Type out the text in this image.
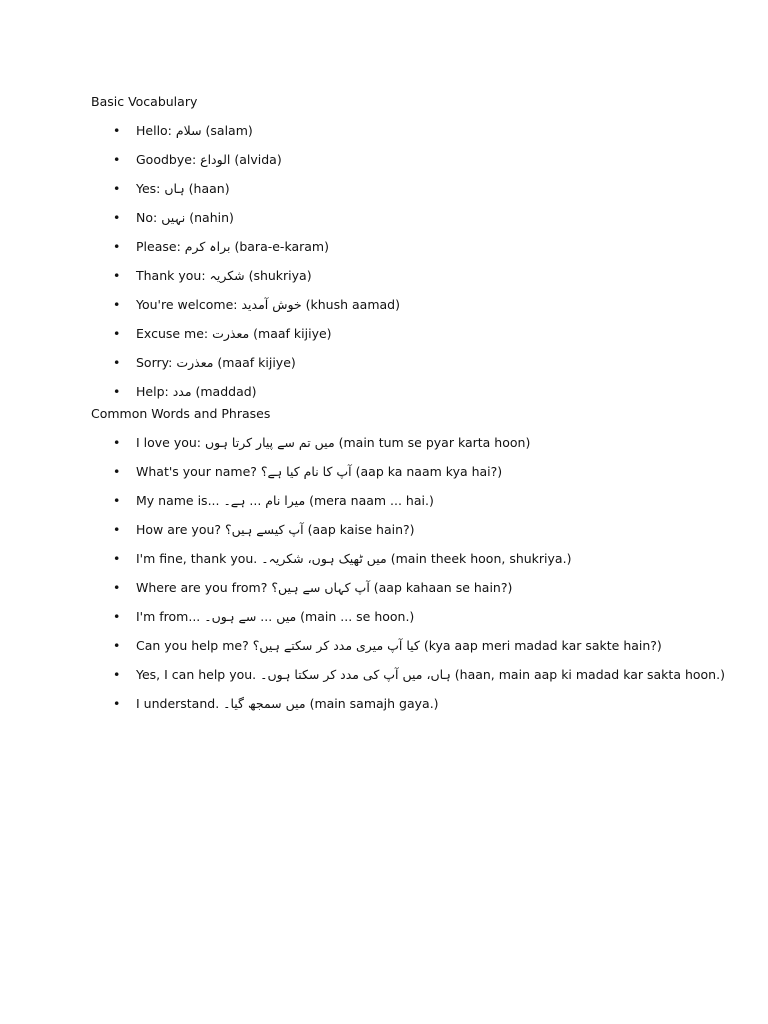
Basic Vocabulary
• Hello: سلام (salam)
• Goodbye: الوداع (alvida)
• Yes: ہاں (haan)
• No: نہیں (nahin)
• Please: براہ کرم (bara-e-karam)
• Thank you: شکریہ (shukriya)
• You're welcome: خوش آمدید (khush aamad)
• Excuse me: معذرت (maaf kijiye)
• Sorry: معذرت (maaf kijiye)
• Help: مدد (maddad)
Common Words and Phrases
• I love you: میں تم سے پیار کرتا ہوں (main tum se pyar karta hoon)
• What's your name? آپ کا نام کیا ہے؟ (aap ka naam kya hai?)
• My name is... میرا نام ... ہے۔ (mera naam ... hai.)
• How are you? آپ کیسے ہیں؟ (aap kaise hain?)
• I'm fine, thank you. میں ٹھیک ہوں، شکریہ۔ (main theek hoon, shukriya.)
• Where are you from? آپ کہاں سے ہیں؟ (aap kahaan se hain?)
• I'm from... میں ... سے ہوں۔ (main ... se hoon.)
• Can you help me? کیا آپ میری مدد کر سکتے ہیں؟ (kya aap meri madad kar sakte hain?)
• Yes, I can help you. ہاں، میں آپ کی مدد کر سکتا ہوں۔ (haan, main aap ki madad kar sakta hoon.)
• I understand. میں سمجھ گیا۔ (main samajh gaya.)
